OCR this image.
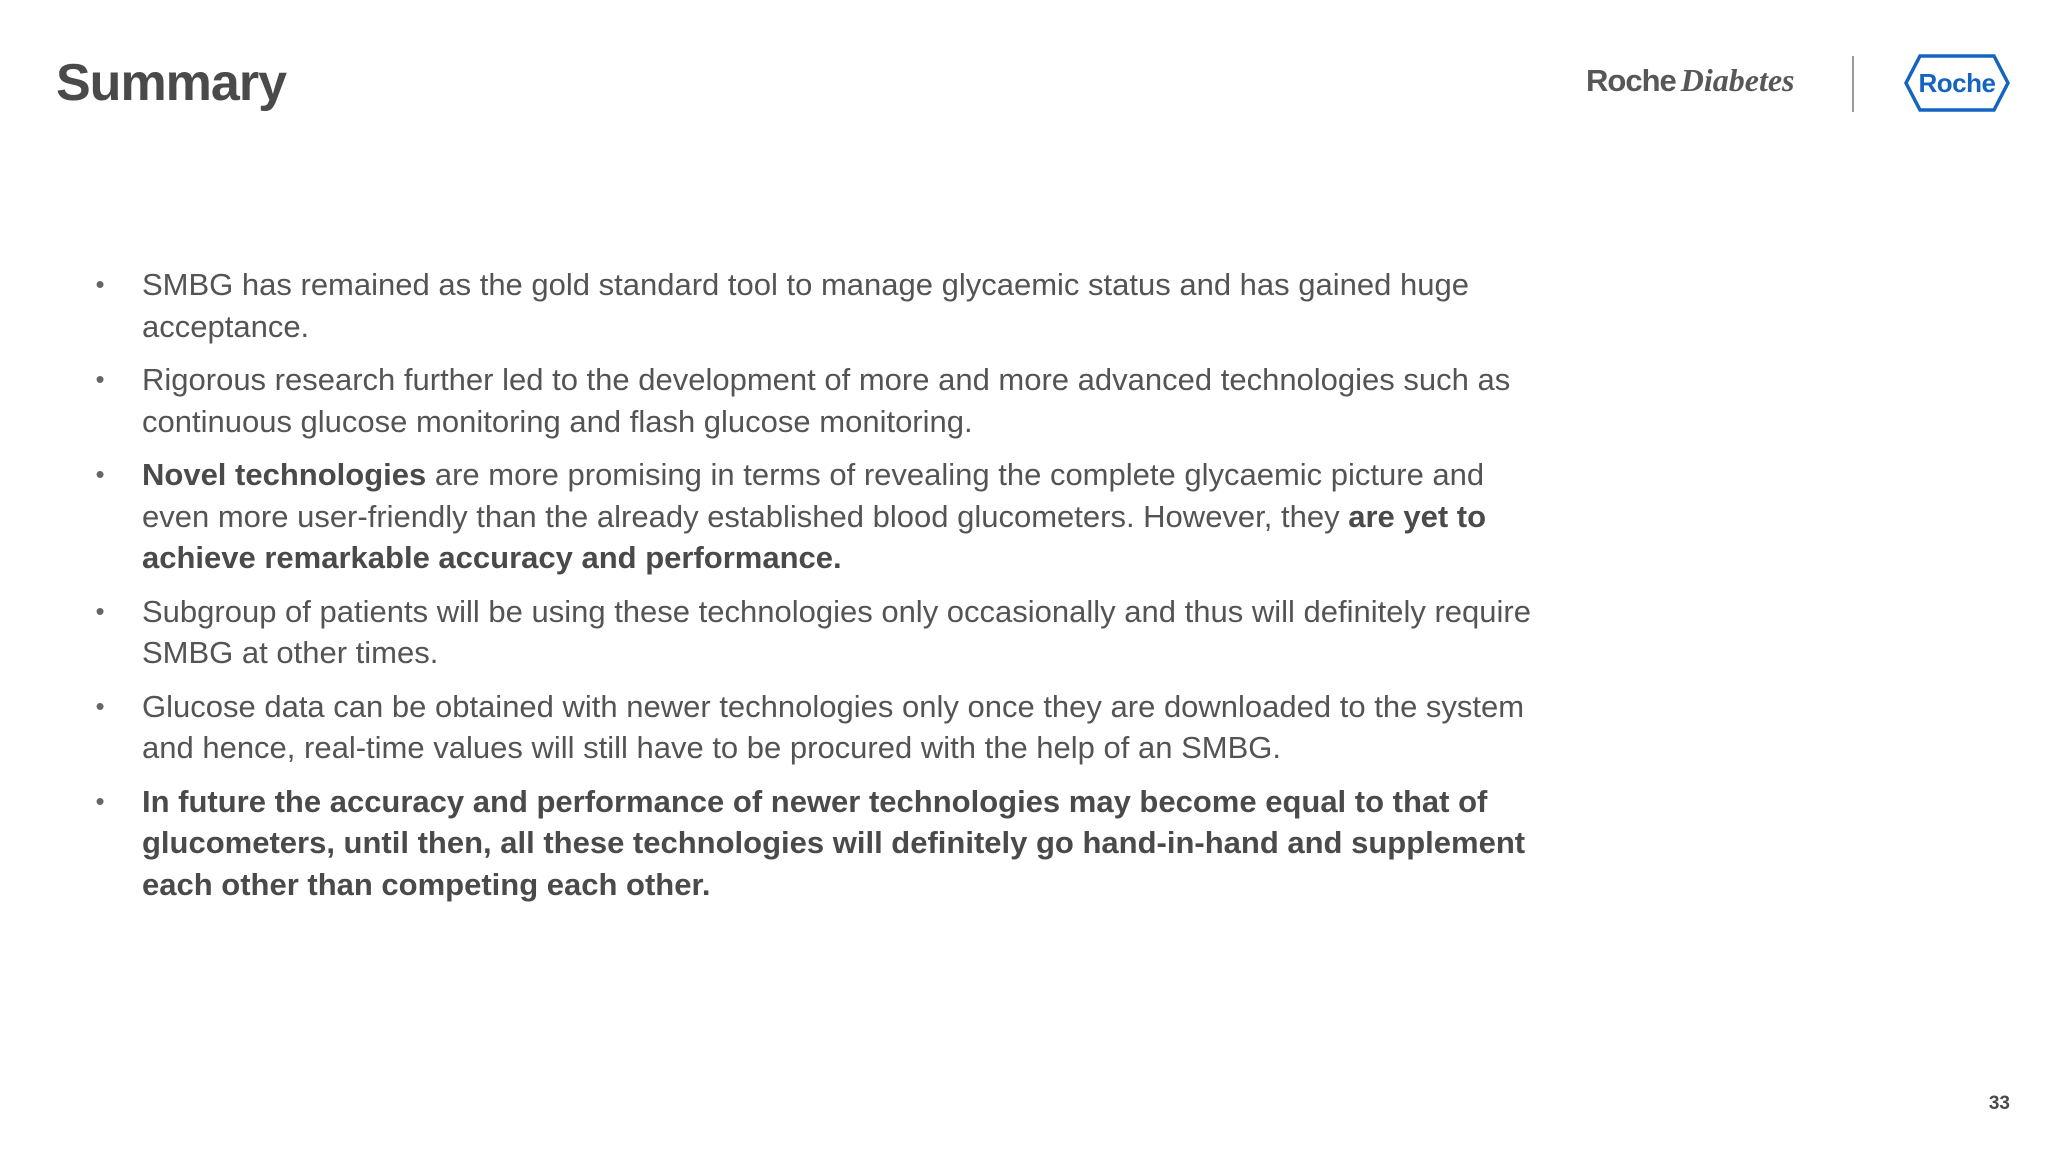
Summary	Roche Diabetes	Roche
• SMBG has remained as the gold standard tool to manage glycaemic status and has gained huge acceptance.
• Rigorous research further led to the development of more and more advanced technologies such as continuous glucose monitoring and flash glucose monitoring.
• Novel technologies are more promising in terms of revealing the complete glycaemic picture and even more user-friendly than the already established blood glucometers. However, they are yet to achieve remarkable accuracy and performance.
• Subgroup of patients will be using these technologies only occasionally and thus will definitely require SMBG at other times.
• Glucose data can be obtained with newer technologies only once they are downloaded to the system and hence, real-time values will still have to be procured with the help of an SMBG.
• In future the accuracy and performance of newer technologies may become equal to that of glucometers, until then, all these technologies will definitely go hand-in-hand and supplement each other than competing each other.
33
